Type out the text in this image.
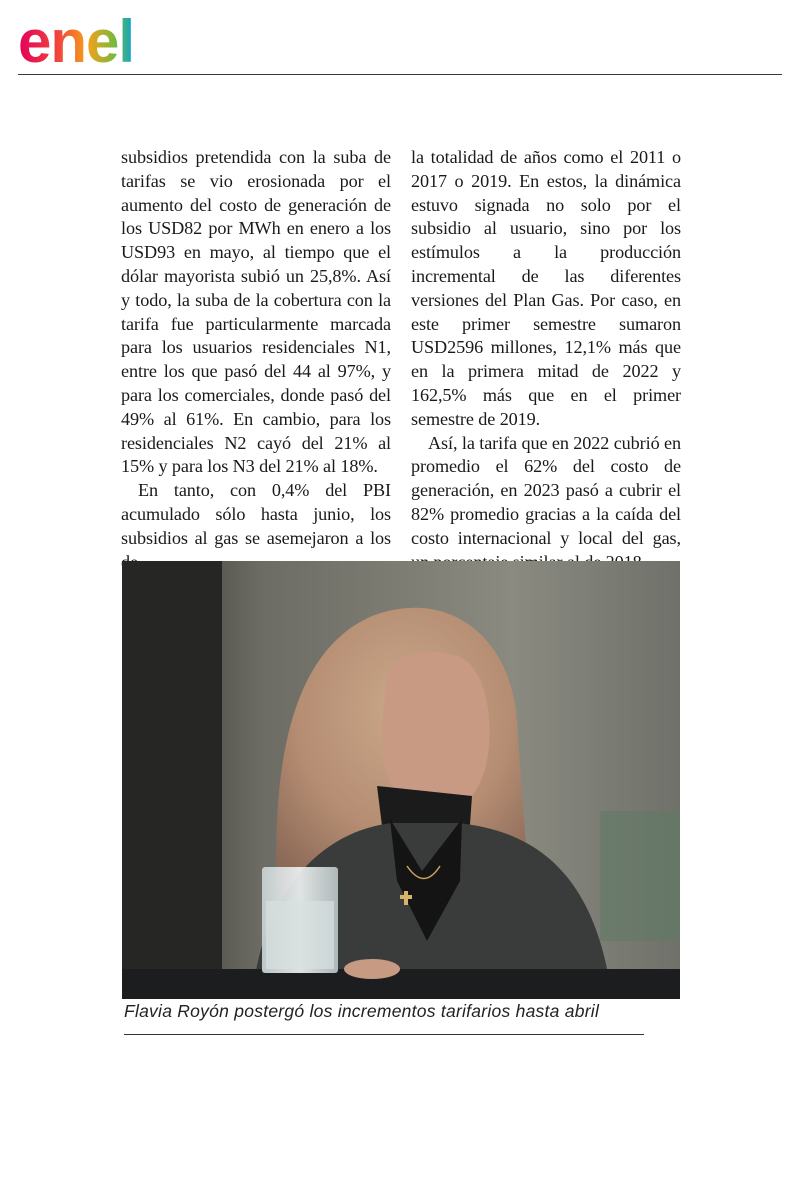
enel

subsidios pretendida con la suba de tarifas se vio erosionada por el aumento del costo de generación de los USD82 por MWh en enero a los USD93 en mayo, al tiempo que el dólar mayorista subió un 25,8%. Así y todo, la suba de la cobertura con la tarifa fue particularmente marcada para los usuarios residenciales N1, entre los que pasó del 44 al 97%, y para los comerciales, donde pasó del 49% al 61%. En cambio, para los residenciales N2 cayó del 21% al 15% y para los N3 del 21% al 18%.

En tanto, con 0,4% del PBI acumulado sólo hasta junio, los subsidios al gas se asemejaron a los

la totalidad de años como el 2011 o 2017 o 2019. En estos, la dinámica estuvo signada no solo por el subsidio al usuario, sino por los estímulos a la producción incremental de las diferentes versiones del Plan Gas. Por caso, en este primer semestre sumaron USD2596 millones, 12,1% más que en la primera mitad de 2022 y 162,5% más que en el primer semestre de 2019.

Así, la tarifa que en 2022 cubrió en promedio el 62% del costo de generación, en 2023 pasó a cubrir el 82% promedio gracias a la caída del costo internacional y local del gas,

Flavia Royón postergó los incrementos tarifarios hasta abril
